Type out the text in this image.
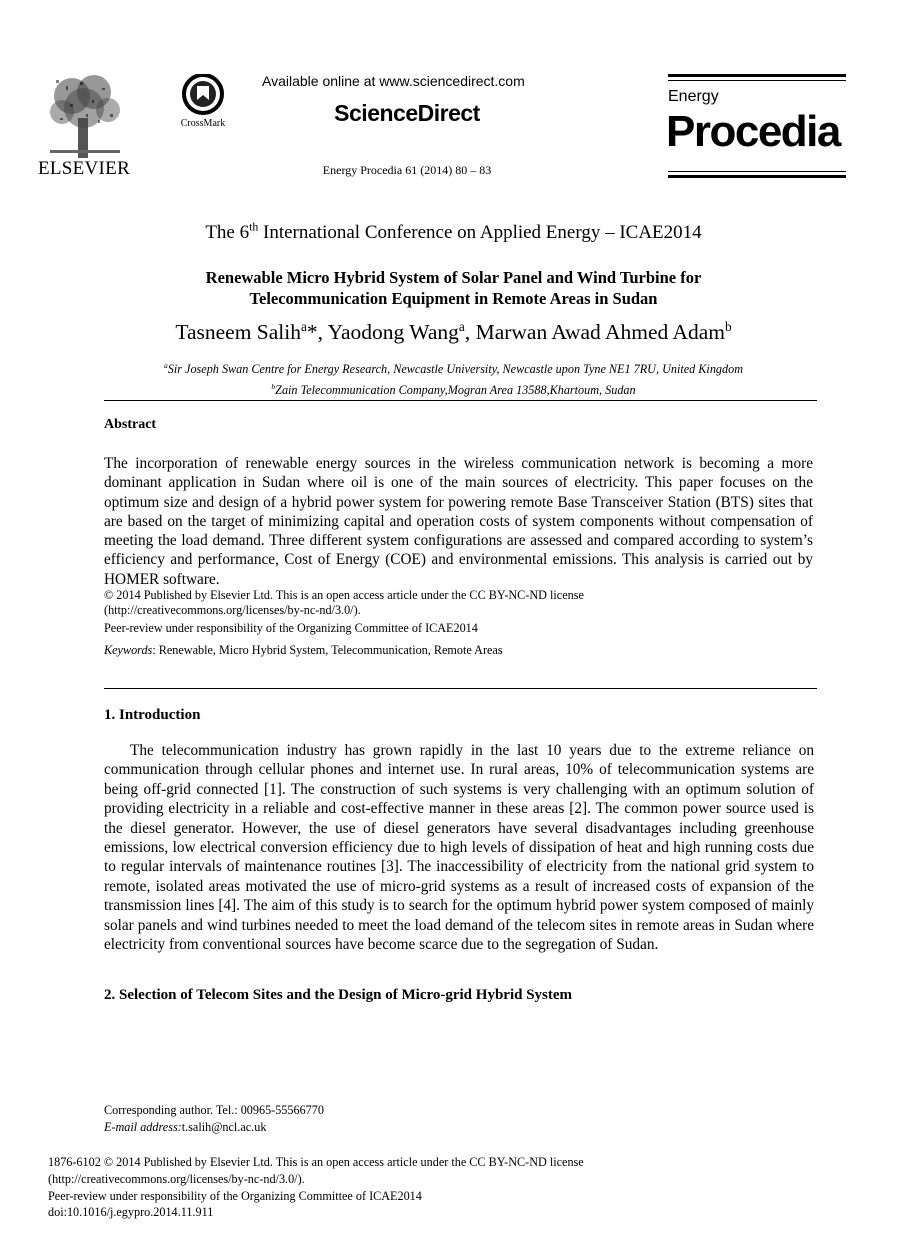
ELSEVIER
CrossMark
Available online at www.sciencedirect.com
ScienceDirect
Energy Procedia 61 (2014) 80 – 83
Energy
Procedia
The 6th International Conference on Applied Energy – ICAE2014
Renewable Micro Hybrid System of Solar Panel and Wind Turbine for
Telecommunication Equipment in Remote Areas in Sudan
Tasneem Salih$^a$*, Yaodong Wang$^a$, Marwan Awad Ahmed Adam$^b$
$^a$Sir Joseph Swan Centre for Energy Research, Newcastle University, Newcastle upon Tyne NE1 7RU, United Kingdom
$^b$Zain Telecommunication Company,Mogran Area 13588,Khartoum, Sudan
Abstract
The incorporation of renewable energy sources in the wireless communication network is becoming a more dominant application in Sudan where oil is one of the main sources of electricity. This paper focuses on the optimum size and design of a hybrid power system for powering remote Base Transceiver Station (BTS) sites that are based on the target of minimizing capital and operation costs of system components without compensation of meeting the load demand. Three different system configurations are assessed and compared according to system’s efficiency and performance, Cost of Energy (COE) and environmental emissions. This analysis is carried out by HOMER software.
© 2014 Published by Elsevier Ltd. This is an open access article under the CC BY-NC-ND license
(http://creativecommons.org/licenses/by-nc-nd/3.0/).
Peer-review under responsibility of the Organizing Committee of ICAE2014
Keywords: Renewable, Micro Hybrid System, Telecommunication, Remote Areas
1. Introduction
The telecommunication industry has grown rapidly in the last 10 years due to the extreme reliance on communication through cellular phones and internet use. In rural areas, 10% of telecommunication systems are being off-grid connected [1]. The construction of such systems is very challenging with an optimum solution of providing electricity in a reliable and cost-effective manner in these areas [2]. The common power source used is the diesel generator. However, the use of diesel generators have several disadvantages including greenhouse emissions, low electrical conversion efficiency due to high levels of dissipation of heat and high running costs due to regular intervals of maintenance routines [3]. The inaccessibility of electricity from the national grid system to remote, isolated areas motivated the use of micro-grid systems as a result of increased costs of expansion of the transmission lines [4]. The aim of this study is to search for the optimum hybrid power system composed of mainly solar panels and wind turbines needed to meet the load demand of the telecom sites in remote areas in Sudan where electricity from conventional sources have become scarce due to the segregation of Sudan.
2. Selection of Telecom Sites and the Design of Micro-grid Hybrid System
Corresponding author. Tel.: 00965-55566770
E-mail address:t.salih@ncl.ac.uk
1876-6102 © 2014 Published by Elsevier Ltd. This is an open access article under the CC BY-NC-ND license
(http://creativecommons.org/licenses/by-nc-nd/3.0/).
Peer-review under responsibility of the Organizing Committee of ICAE2014
doi:10.1016/j.egypro.2014.11.911
